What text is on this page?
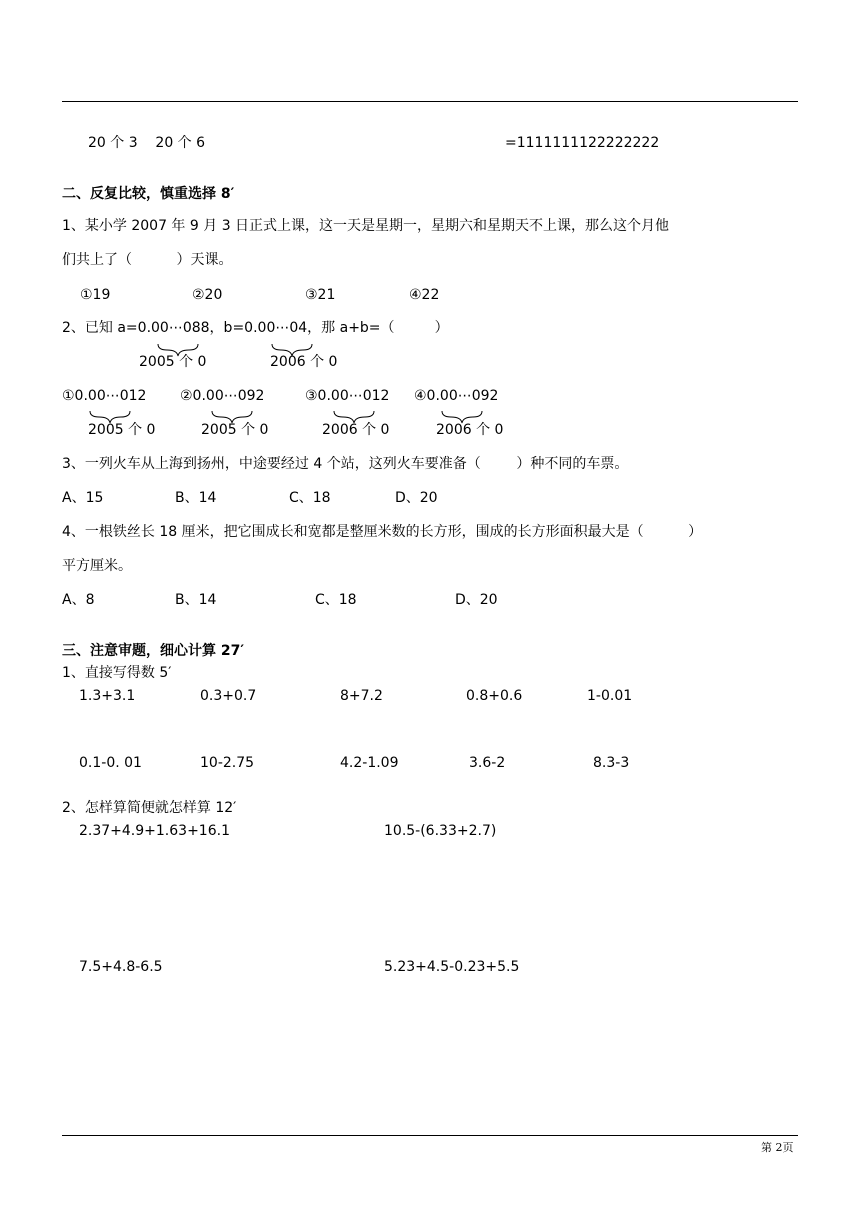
20 个 3    20 个 6	=1111111122222222
二、反复比较，慎重选择 8′
1、某小学 2007 年 9 月 3 日正式上课，这一天是星期一，星期六和星期天不上课，那么这个月他
们共上了（          ）天课。
①19	②20	③21	④22
2、已知 a=0.00⋯088，b=0.00⋯04，那 a+b=（         ）
2005 个 0	2006 个 0
①0.00⋯012 ②0.00⋯092	③0.00⋯012 ④0.00⋯092
2005 个 0	2005 个 0	2006 个 0	2006 个 0
3、一列火车从上海到扬州，中途要经过 4 个站，这列火车要准备（        ）种不同的车票。
A、15	B、14	C、18	D、20
4、一根铁丝长 18 厘米，把它围成长和宽都是整厘米数的长方形，围成的长方形面积最大是（          ）
平方厘米。
A、8	B、14	C、18	D、20
三、注意审题，细心计算 27′
1、直接写得数 5′
1.3+3.1	0.3+0.7	8+7.2	0.8+0.6	1-0.01
0.1-0. 01	10-2.75	4.2-1.09	3.6-2	8.3-3
2、怎样算简便就怎样算 12′
2.37+4.9+1.63+16.1	10.5-(6.33+2.7)
7.5+4.8-6.5	5.23+4.5-0.23+5.5
第 2页
